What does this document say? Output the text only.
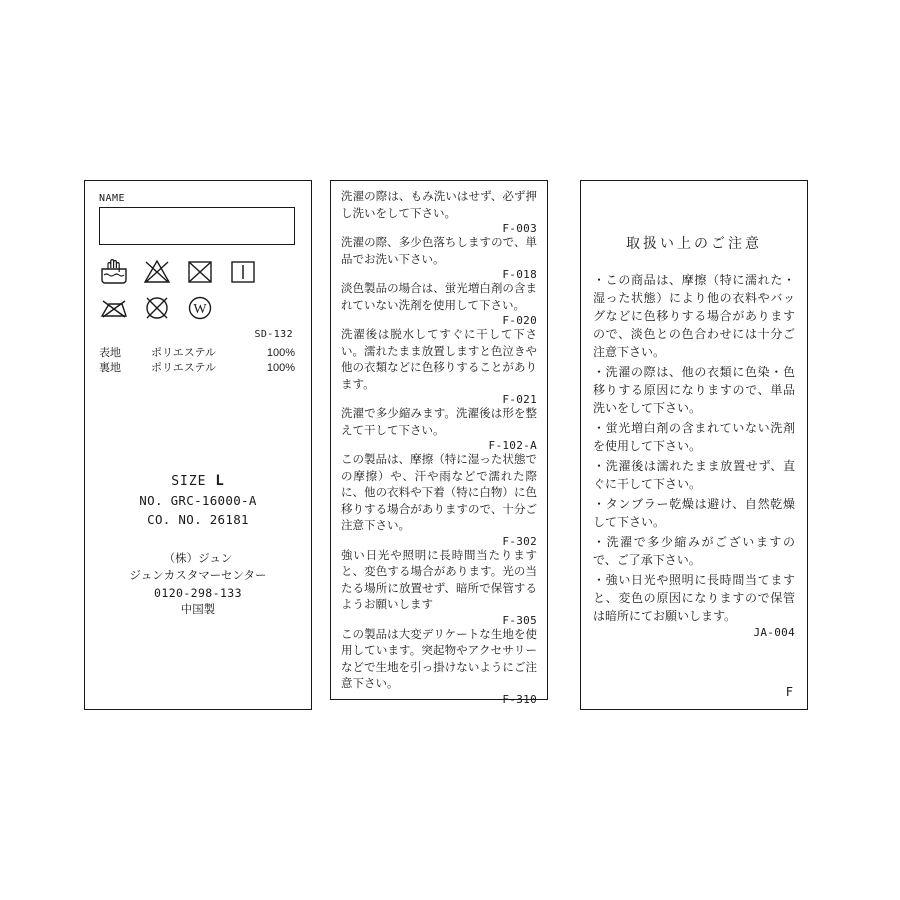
NAME
W
SD-132
表地	ポリエステル	100%
裏地	ポリエステル	100%
SIZE L
NO. GRC-16000-A
CO. NO. 26181
（株）ジュン
ジュンカスタマーセンター
0120-298-133
中国製

洗濯の際は、もみ洗いはせず、必ず押し洗いをして下さい。

F-003

洗濯の際、多少色落ちしますので、単品でお洗い下さい。

F-018

淡色製品の場合は、蛍光増白剤の含まれていない洗剤を使用して下さい。

F-020

洗濯後は脱水してすぐに干して下さい。濡れたまま放置しますと色泣きや他の衣類などに色移りすることがあります。

F-021

洗濯で多少縮みます。洗濯後は形を整えて干して下さい。

F-102-A

この製品は、摩擦（特に湿った状態での摩擦）や、汗や雨などで濡れた際に、他の衣料や下着（特に白物）に色移りする場合がありますので、十分ご注意下さい。

F-302

強い日光や照明に長時間当たりますと、変色する場合があります。光の当たる場所に放置せず、暗所で保管するようお願いします

F-305

この製品は大変デリケートな生地を使用しています。突起物やアクセサリーなどで生地を引っ掛けないようにご注意下さい。

F-310
取扱い上のご注意
・この商品は、摩擦（特に濡れた・湿った状態）により他の衣料やバッグなどに色移りする場合がありますので、淡色との色合わせには十分ご注意下さい。
・洗濯の際は、他の衣類に色染・色移りする原因になりますので、単品洗いをして下さい。
・蛍光増白剤の含まれていない洗剤を使用して下さい。
・洗濯後は濡れたまま放置せず、直ぐに干して下さい。
・タンブラー乾燥は避け、自然乾燥して下さい。
・洗濯で多少縮みがございますので、ご了承下さい。
・強い日光や照明に長時間当てますと、変色の原因になりますので保管は暗所にてお願いします。
JA-004
F
